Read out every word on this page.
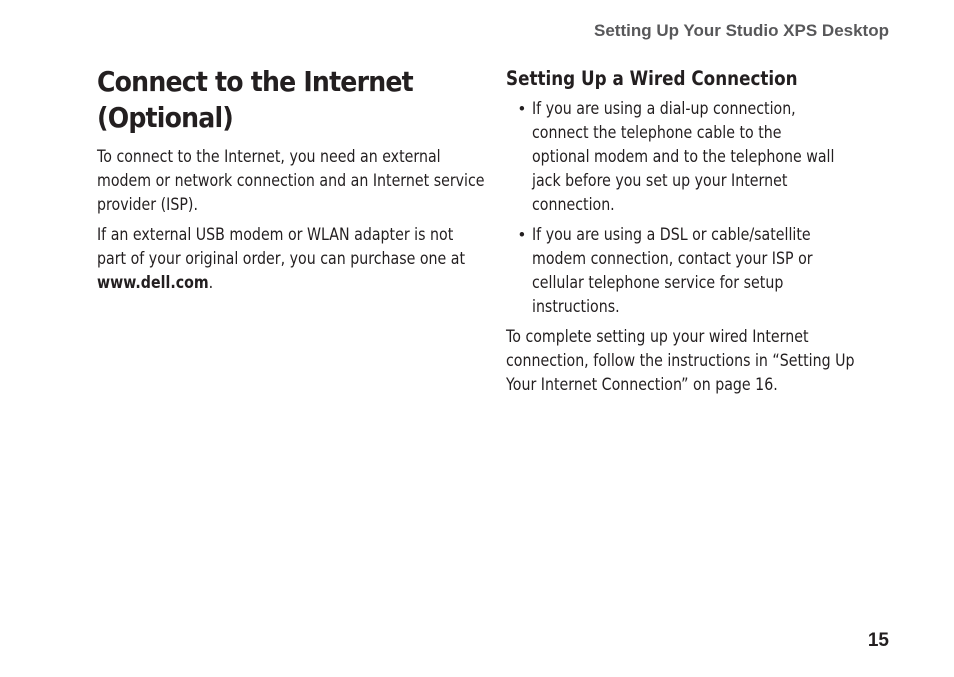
Setting Up Your Studio XPS Desktop
Connect to the Internet
(Optional)

To connect to the Internet, you need an external modem or network connection and an Internet service provider (ISP).

If an external USB modem or WLAN adapter is not part of your original order, you can purchase one at www.dell.com.

Setting Up a Wired Connection
• If you are using a dial-up connection, connect the telephone cable to the optional modem and to the telephone wall jack before you set up your Internet connection.

• If you are using a DSL or cable/satellite modem connection, contact your ISP or cellular telephone service for setup instructions.

To complete setting up your wired Internet connection, follow the instructions in “Setting Up Your Internet Connection” on page 16.

15
